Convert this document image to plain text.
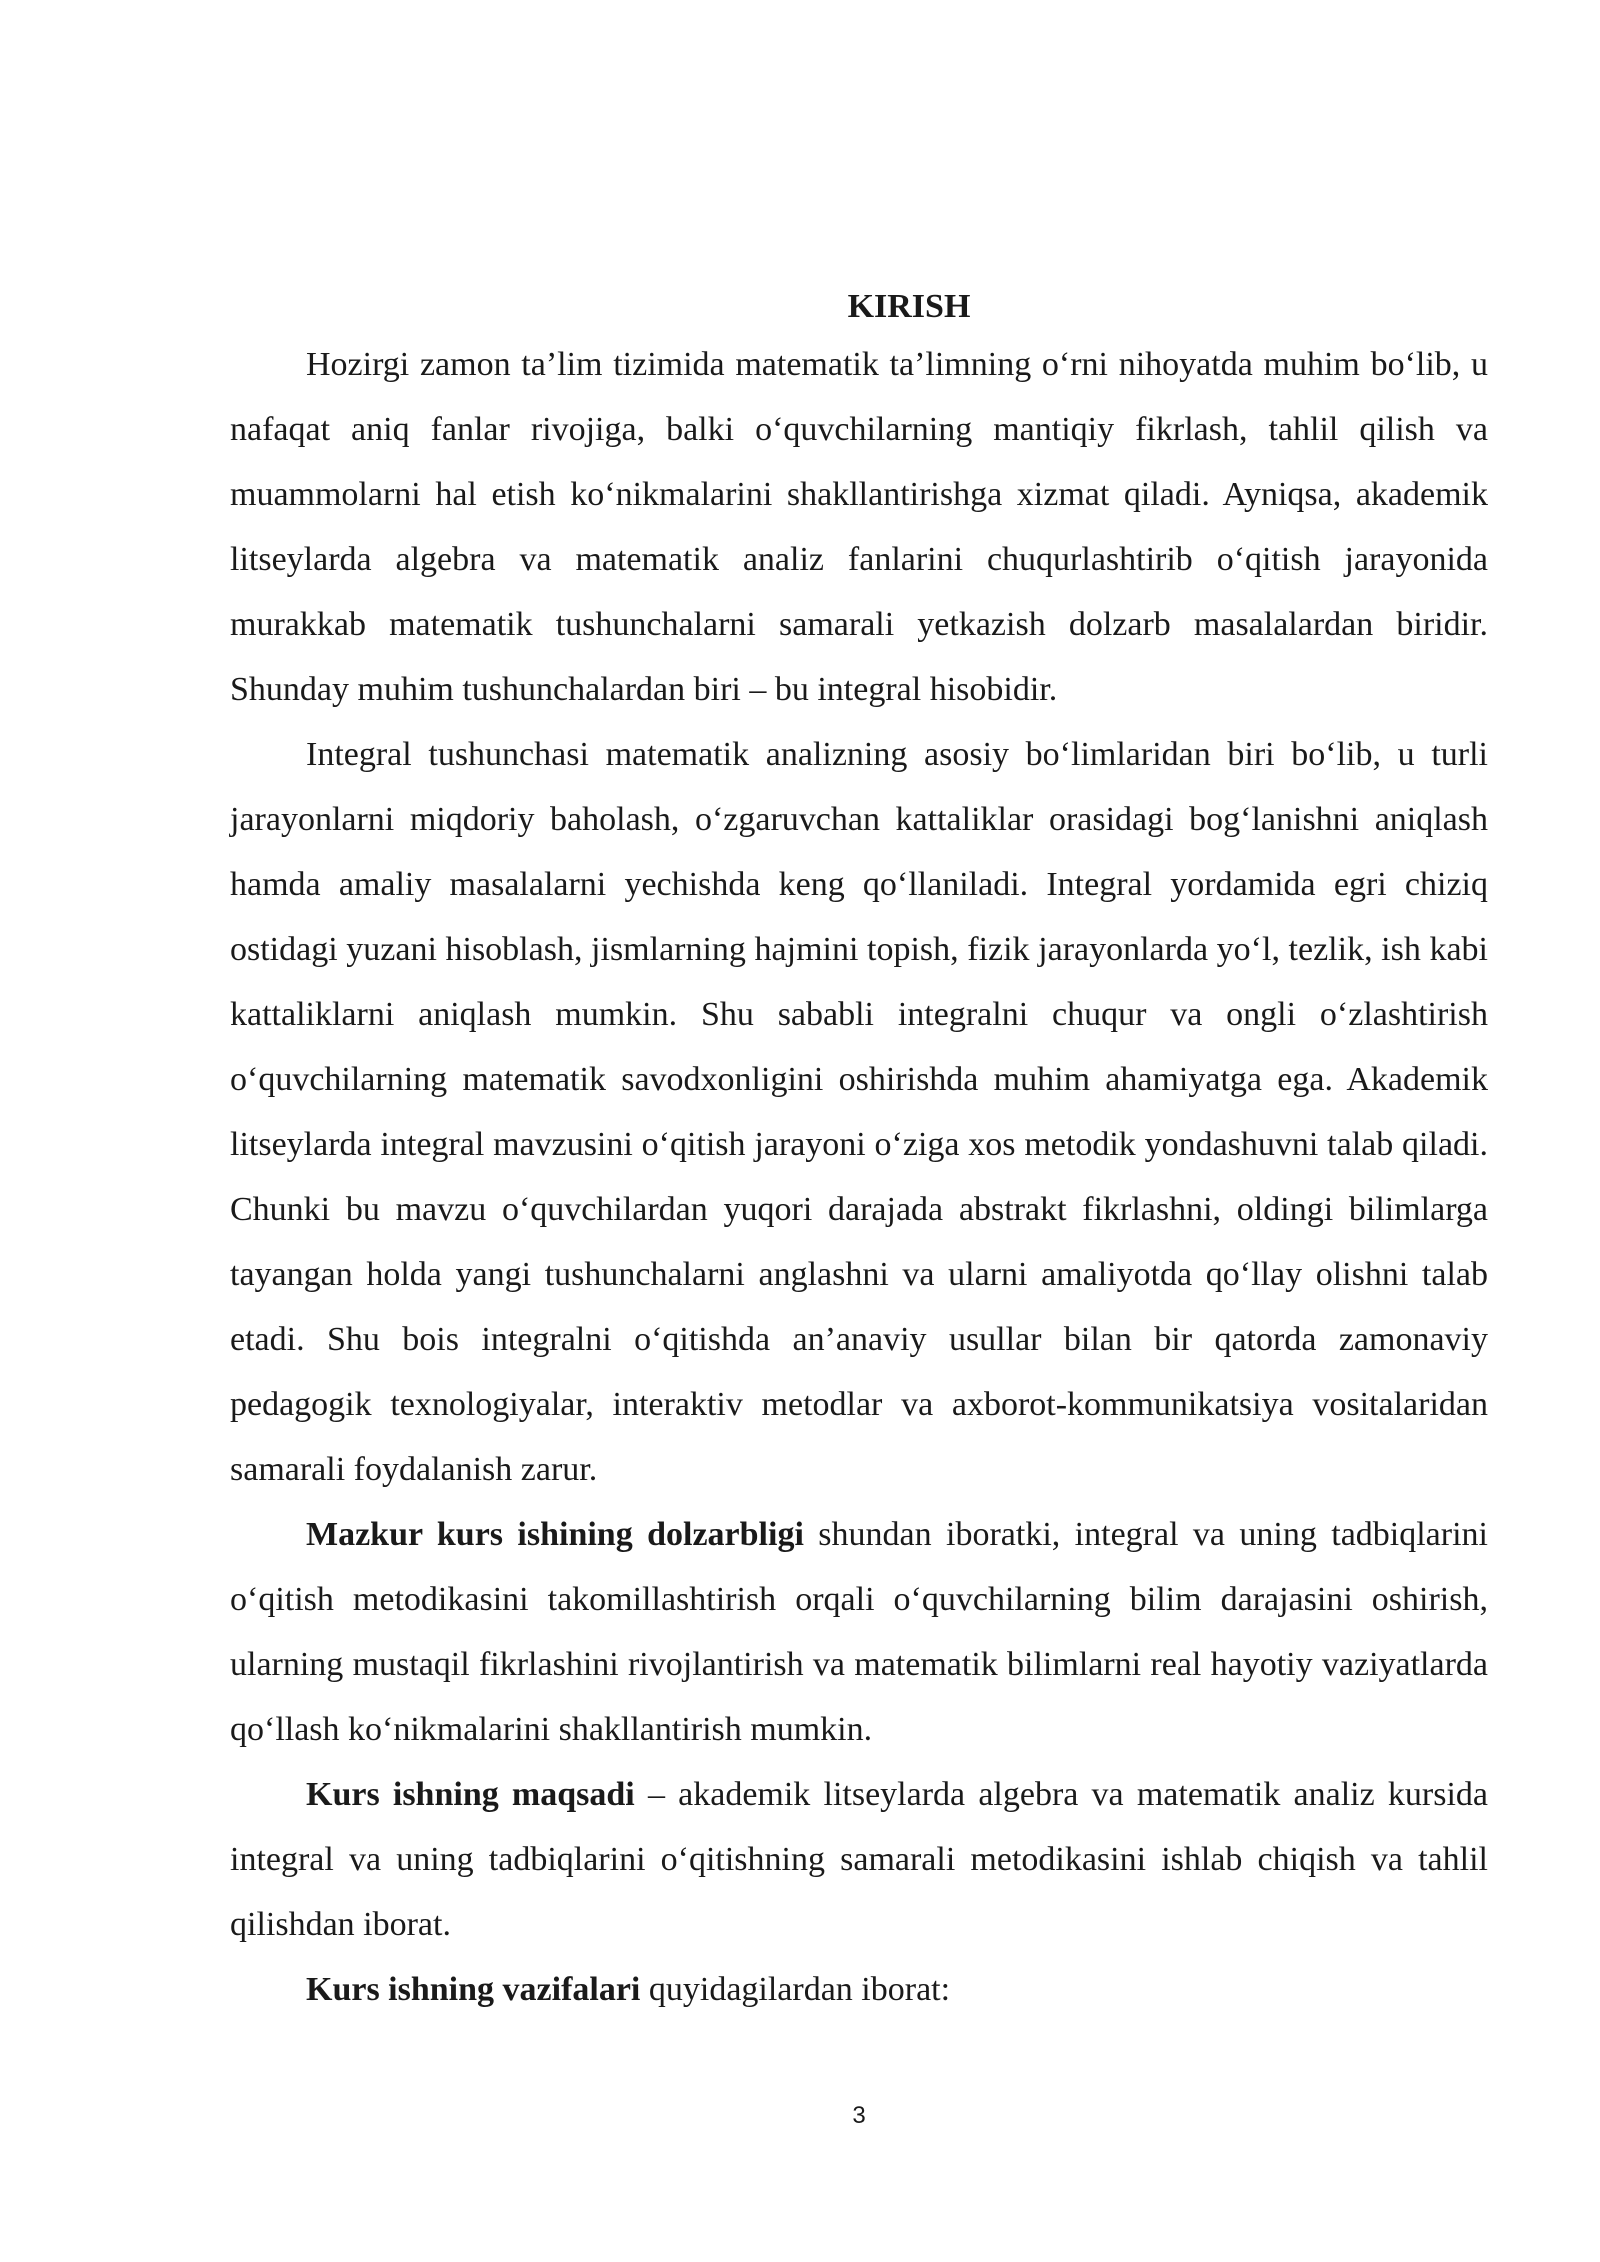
KIRISH

Hozirgi zamon ta’lim tizimida matematik ta’limning o‘rni nihoyatda muhim bo‘lib, u nafaqat aniq fanlar rivojiga, balki o‘quvchilarning mantiqiy fikrlash, tahlil qilish va muammolarni hal etish ko‘nikmalarini shakllantirishga xizmat qiladi. Ayniqsa, akademik litseylarda algebra va matematik analiz fanlarini chuqurlashtirib o‘qitish jarayonida murakkab matematik tushunchalarni samarali yetkazish dolzarb masalalardan biridir. Shunday muhim tushunchalardan biri – bu integral hisobidir.

Integral tushunchasi matematik analizning asosiy bo‘limlaridan biri bo‘lib, u turli jarayonlarni miqdoriy baholash, o‘zgaruvchan kattaliklar orasidagi bog‘lanishni aniqlash hamda amaliy masalalarni yechishda keng qo‘llaniladi. Integral yordamida egri chiziq ostidagi yuzani hisoblash, jismlarning hajmini topish, fizik jarayonlarda yo‘l, tezlik, ish kabi kattaliklarni aniqlash mumkin. Shu sababli integralni chuqur va ongli o‘zlashtirish o‘quvchilarning matematik savodxonligini oshirishda muhim ahamiyatga ega. Akademik litseylarda integral mavzusini o‘qitish jarayoni o‘ziga xos metodik yondashuvni talab qiladi. Chunki bu mavzu o‘quvchilardan yuqori darajada abstrakt fikrlashni, oldingi bilimlarga tayangan holda yangi tushunchalarni anglashni va ularni amaliyotda qo‘llay olishni talab etadi. Shu bois integralni o‘qitishda an’anaviy usullar bilan bir qatorda zamonaviy pedagogik texnologiyalar, interaktiv metodlar va axborot-kommunikatsiya vositalaridan samarali foydalanish zarur.

Mazkur kurs ishining dolzarbligi shundan iboratki, integral va uning tadbiqlarini o‘qitish metodikasini takomillashtirish orqali o‘quvchilarning bilim darajasini oshirish, ularning mustaqil fikrlashini rivojlantirish va matematik bilimlarni real hayotiy vaziyatlarda qo‘llash ko‘nikmalarini shakllantirish mumkin.

Kurs ishning maqsadi – akademik litseylarda algebra va matematik analiz kursida integral va uning tadbiqlarini o‘qitishning samarali metodikasini ishlab chiqish va tahlil qilishdan iborat.

Kurs ishning vazifalari quyidagilardan iborat:

3
